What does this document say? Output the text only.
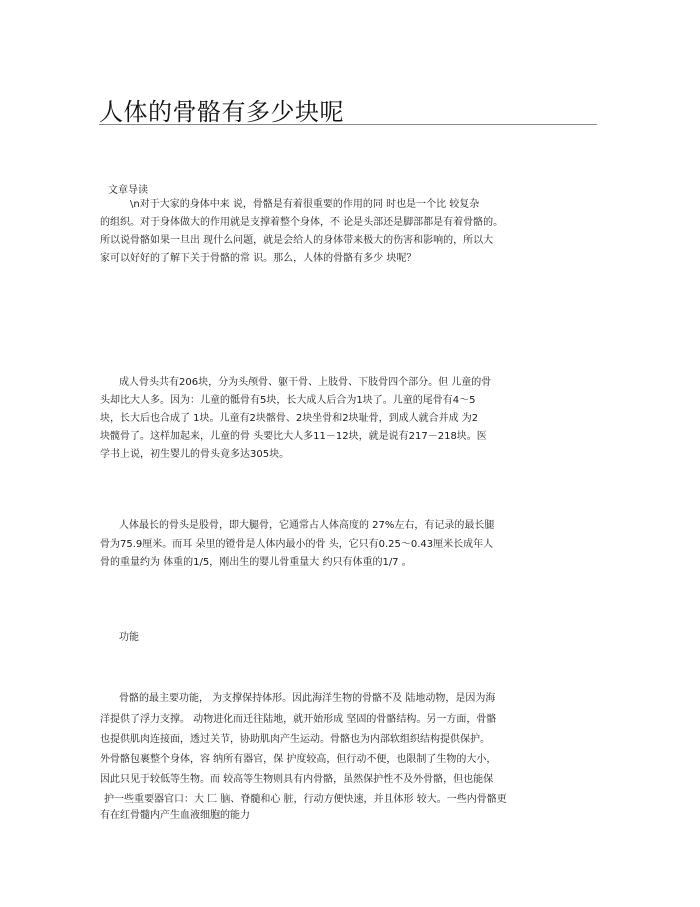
人体的骨骼有多少块呢
文章导读
\n对于大家的身体中来 说，骨骼是有着很重要的作用的同 时也是一个比 较复杂
的组织。对于身体做大的作用就是支撑着整个身体，不 论是头部还是脚部都是有着骨骼的。
所以说骨骼如果一旦出 现什么问题，就是会给人的身体带来极大的伤害和影响的，所以大
家可以好好的了解下关于骨骼的常 识。那么，人体的骨骼有多少 块呢？
成人骨头共有206块，分为头颅骨、躯干骨、上肢骨、下肢骨四个部分。但 儿童的骨
头却比大人多。因为：儿童的骶骨有5块，长大成人后合为1块了。儿童的尾骨有4～5
块，长大后也合成了 1块。儿童有2块髂骨、2块坐骨和2块耻骨，到成人就合并成 为2
块髋骨了。这样加起来，儿童的骨 头要比大人多11－12块，就是说有217－218块。医
学书上说，初生婴儿的骨头竟多达305块。
人体最长的骨头是股骨，即大腿骨，它通常占人体高度的 27%左右，有记录的最长腿
骨为75.9厘米。而耳 朵里的镫骨是人体内最小的骨 头，它只有0.25～0.43厘米长成年人
骨的重量约为 体重的1/5，刚出生的婴儿骨重量大 约只有体重的1/7 。
功能
骨骼的最主要功能， 为支撑保持体形。因此海洋生物的骨骼不及 陆地动物，是因为海
洋提供了浮力支撑。 动物进化而迁往陆地，就开始形成 坚固的骨骼结构。另一方面，骨骼
也提供肌肉连接面，透过关节，协助肌肉产生运动。骨骼也为内部软组织结构提供保护。
外骨骼包裹整个身体，容 纳所有器官，保 护度较高，但行动不便，也限制了生物的大小，
因此只见于较低等生物。而 较高等生物则具有内骨骼，虽然保护性不及外骨骼，但也能保
护一些重要器官口：大 匚 脑、脊髓和心 脏，行动方便快速，并且体形 较大。一些内骨骼更
有在红骨髓内产生血液细胞的能力
